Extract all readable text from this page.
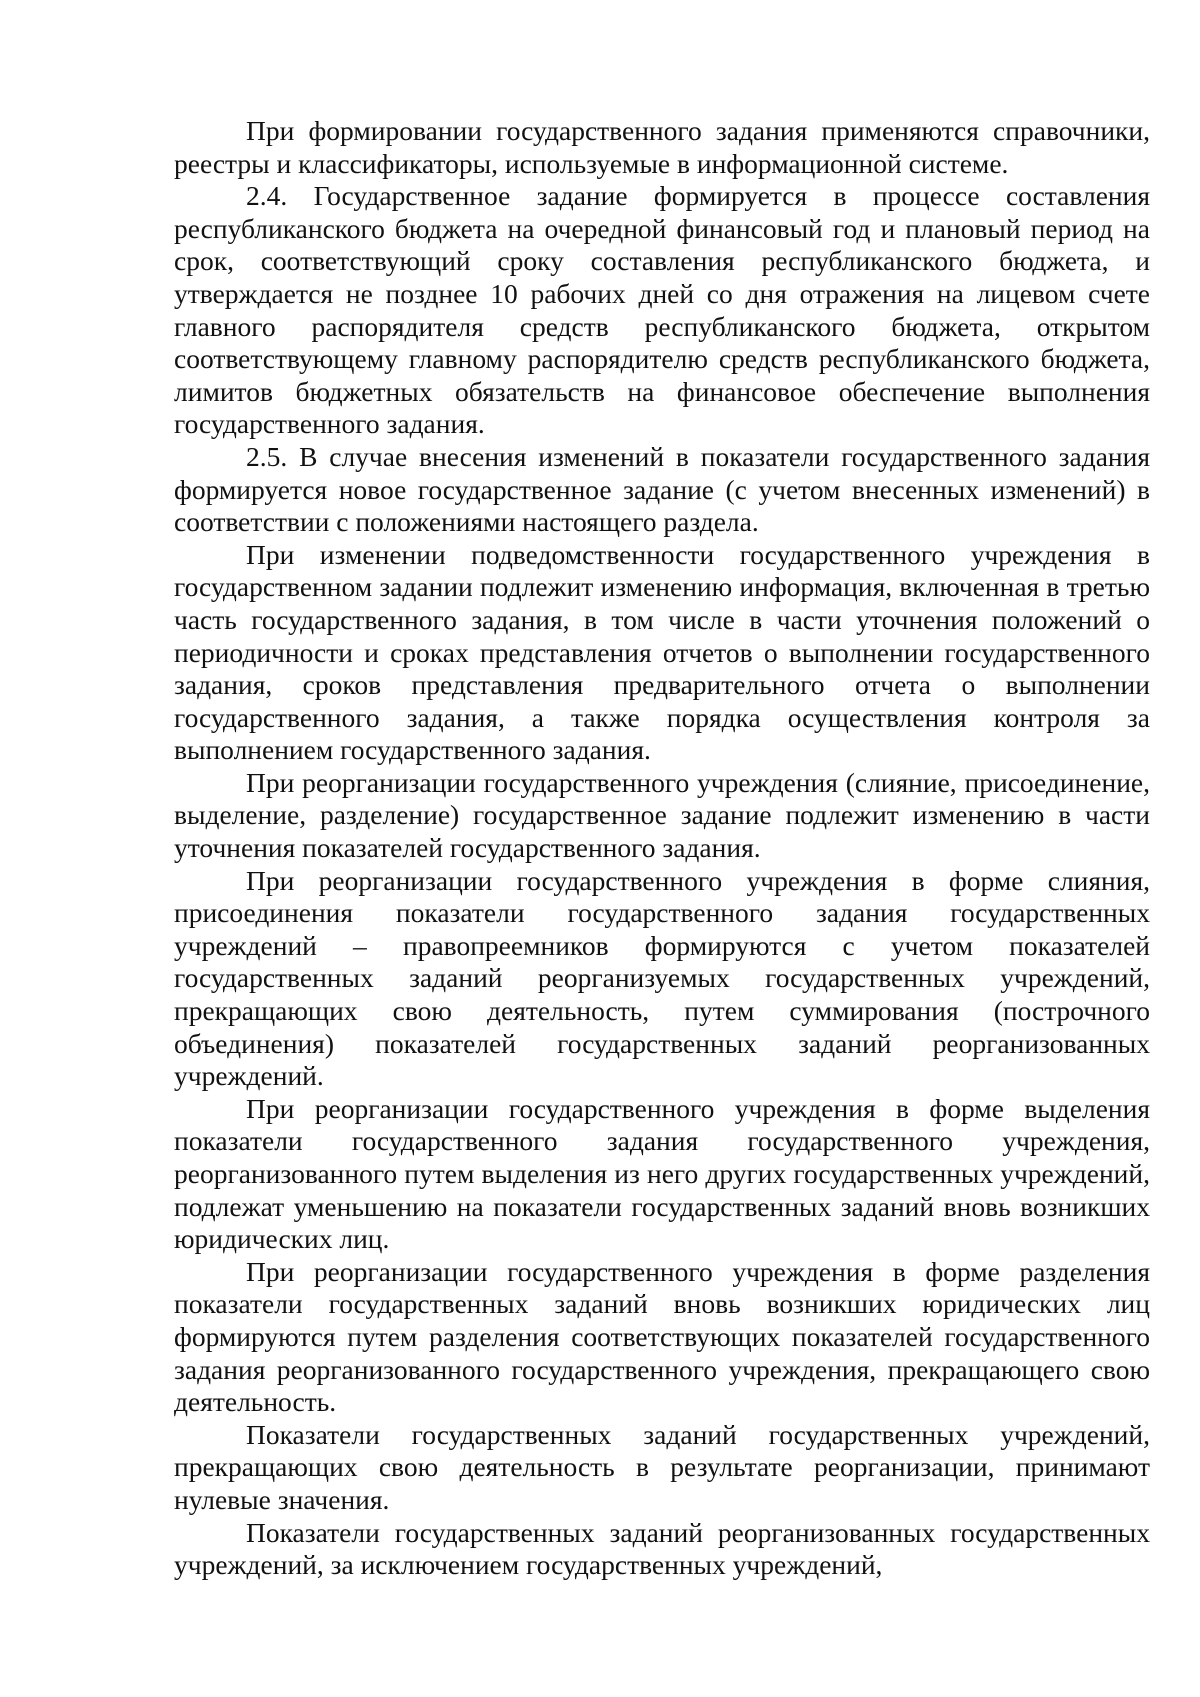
При формировании государственного задания применяются справочники, реестры и классификаторы, используемые в информационной системе.

2.4. Государственное задание формируется в процессе составления республиканского бюджета на очередной финансовый год и плановый период на срок, соответствующий сроку составления республиканского бюджета, и утверждается не позднее 10 рабочих дней со дня отражения на лицевом счете главного распорядителя средств республиканского бюджета, открытом соответствующему главному распорядителю средств республиканского бюджета, лимитов бюджетных обязательств на финансовое обеспечение выполнения государственного задания.

2.5. В случае внесения изменений в показатели государственного задания формируется новое государственное задание (с учетом внесенных изменений) в соответствии с положениями настоящего раздела.

При изменении подведомственности государственного учреждения в государственном задании подлежит изменению информация, включенная в третью часть государственного задания, в том числе в части уточнения положений о периодичности и сроках представления отчетов о выполнении государственного задания, сроков представления предварительного отчета о выполнении государственного задания, а также порядка осуществления контроля за выполнением государственного задания.

При реорганизации государственного учреждения (слияние, присоединение, выделение, разделение) государственное задание подлежит изменению в части уточнения показателей государственного задания.

При реорганизации государственного учреждения в форме слияния, присоединения показатели государственного задания государственных учреждений – правопреемников формируются с учетом показателей государственных заданий реорганизуемых государственных учреждений, прекращающих свою деятельность, путем суммирования (построчного объединения) показателей государственных заданий реорганизованных учреждений.

При реорганизации государственного учреждения в форме выделения показатели государственного задания государственного учреждения, реорганизованного путем выделения из него других государственных учреждений, подлежат уменьшению на показатели государственных заданий вновь возникших юридических лиц.

При реорганизации государственного учреждения в форме разделения показатели государственных заданий вновь возникших юридических лиц формируются путем разделения соответствующих показателей государственного задания реорганизованного государственного учреждения, прекращающего свою деятельность.

Показатели государственных заданий государственных учреждений, прекращающих свою деятельность в результате реорганизации, принимают нулевые значения.

Показатели государственных заданий реорганизованных государственных учреждений, за исключением государственных учреждений,
